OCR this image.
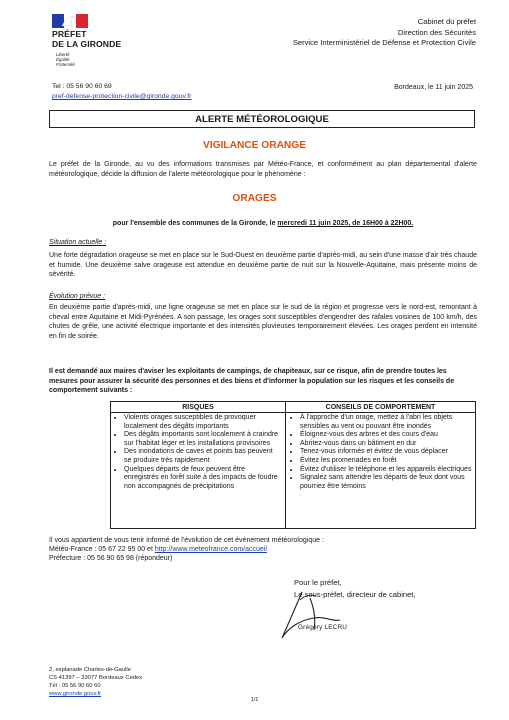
PRÉFET
DE LA GIRONDE
Liberté
Égalité
Fraternité
Tel : 05 56 90 60 69
pref-defense-protection-civile@gironde.gouv.fr
Cabinet du préfet
Direction des Sécurités
Service Interministériel de Défense et Protection Civile
Bordeaux, le 11 juin 2025
ALERTE MÉTÉOROLOGIQUE
VIGILANCE ORANGE
Le préfet de la Gironde, au vu des informations transmises par Météo-France, et conformément au plan départemental d'alerte météorologique, décide la diffusion de l'alerte météorologique pour le phénomène :
ORAGES
pour l'ensemble des communes de la Gironde, le mercredi 11 juin 2025, de 16H00 à 22H00.
Situation actuelle :
Une forte dégradation orageuse se met en place sur le Sud-Ouest en deuxième partie d'après-midi, au sein d'une masse d'air très chaude et humide. Une deuxième salve orageuse est attendue en deuxième partie de nuit sur la Nouvelle-Aquitaine, mais présente moins de sévérité.
Évolution prévue :
En deuxième partie d'après-midi, une ligne orageuse se met en place sur le sud de la région et progresse vers le nord-est, remontant à cheval entre Aquitaine et Midi-Pyrénées. A son passage, les orages sont susceptibles d'engendrer des rafales voisines de 100 km/h, des chutes de grêle, une activité électrique importante et des intensités pluvieuses temporairement élevées. Les orages perdent en intensité en fin de soirée.
Il est demandé aux maires d'aviser les exploitants de campings, de chapiteaux, sur ce risque, afin de prendre toutes les mesures pour assurer la sécurité des personnes et des biens et d'informer la population sur les risques et les conseils de comportement suivants :
RISQUES	CONSEILS DE COMPORTEMENT
• Violents orages susceptibles de provoquer localement des dégâts importants
• Des dégâts importants sont localement à craindre sur l'habitat léger et les installations provisoires
• Des inondations de caves et points bas peuvent se produire très rapidement
• Quelques départs de feux peuvent être enregistrés en forêt suite à des impacts de foudre non accompagnés de précipitations
• À l'approche d'un orage, mettez à l'abri les objets sensibles au vent ou pouvant être inondés
• Éloignez-vous des arbres et des cours d'eau
• Abritez-vous dans un bâtiment en dur
• Tenez-vous informés et évitez de vous déplacer
• Évitez les promenades en forêt
• Évitez d'utiliser le téléphone et les appareils électriques
• Signalez sans attendre les départs de feux dont vous pourriez être témoins
Il vous appartient de vous tenir informé de l'évolution de cet événement météorologique :
Météo-France : 05 67 22 95 00 et http://www.meteofrance.com/accueil
Préfecture : 05 56 90 65 98 (répondeur)
Pour le préfet,
Le sous-préfet, directeur de cabinet,
Grégory LECRU
2, esplanade Charles-de-Gaulle
CS 41397 – 33077 Bordeaux Cedex
Tél : 05 56 90 60 60
www.gironde.gouv.fr
1/1
